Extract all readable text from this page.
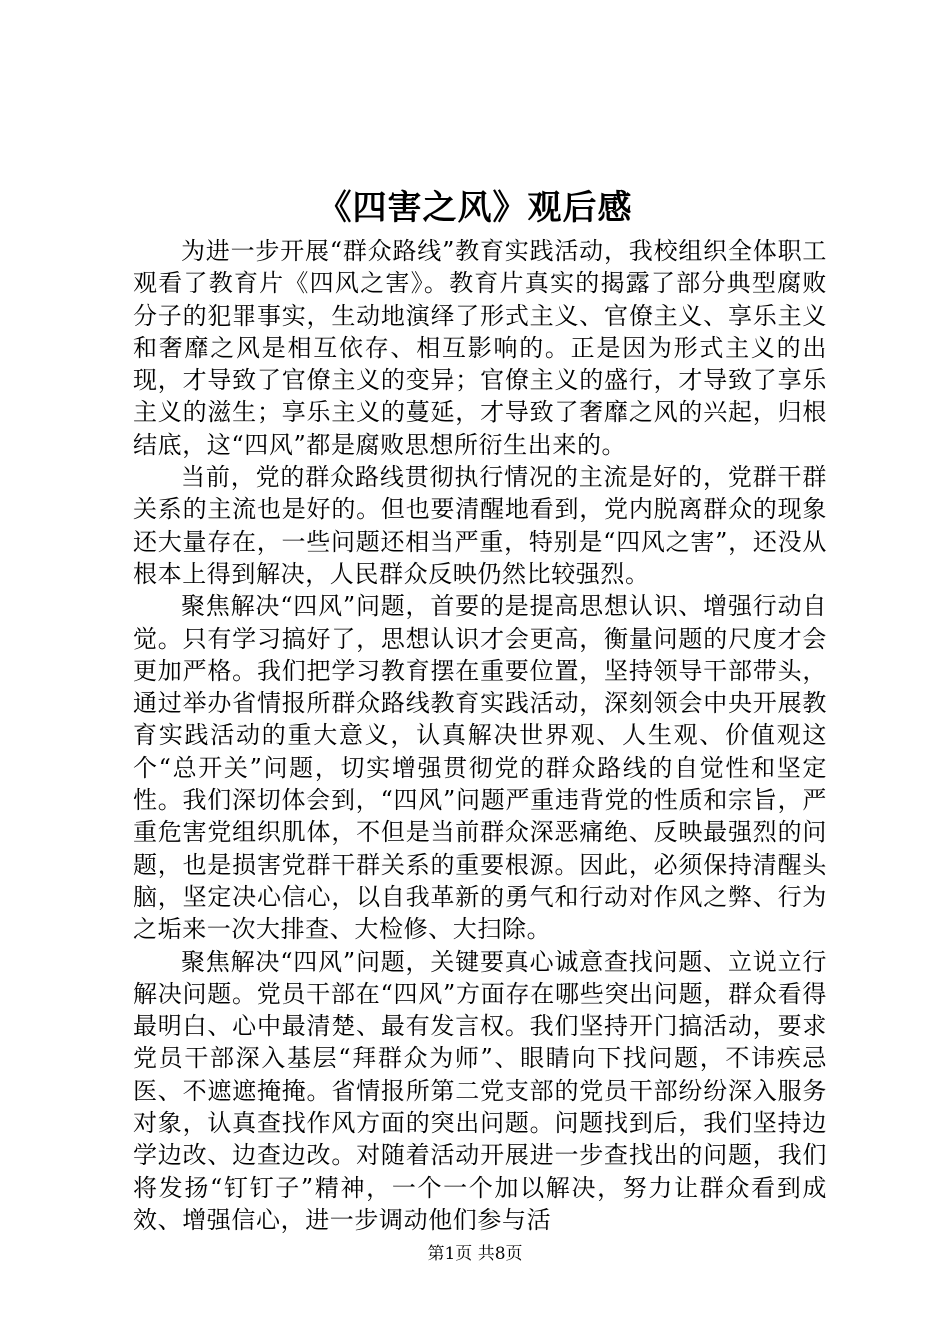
《四害之风》观后感

为进一步开展“群众路线”教育实践活动，我校组织全体职工观看了教育片《四风之害》。教育片真实的揭露了部分典型腐败分子的犯罪事实，生动地演绎了形式主义、官僚主义、享乐主义和奢靡之风是相互依存、相互影响的。正是因为形式主义的出现，才导致了官僚主义的变异；官僚主义的盛行，才导致了享乐主义的滋生；享乐主义的蔓延，才导致了奢靡之风的兴起，归根结底，这“四风”都是腐败思想所衍生出来的。

当前，党的群众路线贯彻执行情况的主流是好的，党群干群关系的主流也是好的。但也要清醒地看到，党内脱离群众的现象还大量存在，一些问题还相当严重，特别是“四风之害”，还没从根本上得到解决，人民群众反映仍然比较强烈。

聚焦解决“四风”问题，首要的是提高思想认识、增强行动自觉。只有学习搞好了，思想认识才会更高，衡量问题的尺度才会更加严格。我们把学习教育摆在重要位置，坚持领导干部带头，通过举办省情报所群众路线教育实践活动，深刻领会中央开展教育实践活动的重大意义，认真解决世界观、人生观、价值观这个“总开关”问题，切实增强贯彻党的群众路线的自觉性和坚定性。我们深切体会到，“四风”问题严重违背党的性质和宗旨，严重危害党组织肌体，不但是当前群众深恶痛绝、反映最强烈的问题，也是损害党群干群关系的重要根源。因此，必须保持清醒头脑，坚定决心信心，以自我革新的勇气和行动对作风之弊、行为之垢来一次大排查、大检修、大扫除。

聚焦解决“四风”问题，关键要真心诚意查找问题、立说立行解决问题。党员干部在“四风”方面存在哪些突出问题，群众看得最明白、心中最清楚、最有发言权。我们坚持开门搞活动，要求党员干部深入基层“拜群众为师”、眼睛向下找问题，不讳疾忌医、不遮遮掩掩。省情报所第二党支部的党员干部纷纷深入服务对象，认真查找作风方面的突出问题。问题找到后，我们坚持边学边改、边查边改。对随着活动开展进一步查找出的问题，我们将发扬“钉钉子”精神，一个一个加以解决，努力让群众看到成效、增强信心，进一步调动他们参与活

第1页 共8页
